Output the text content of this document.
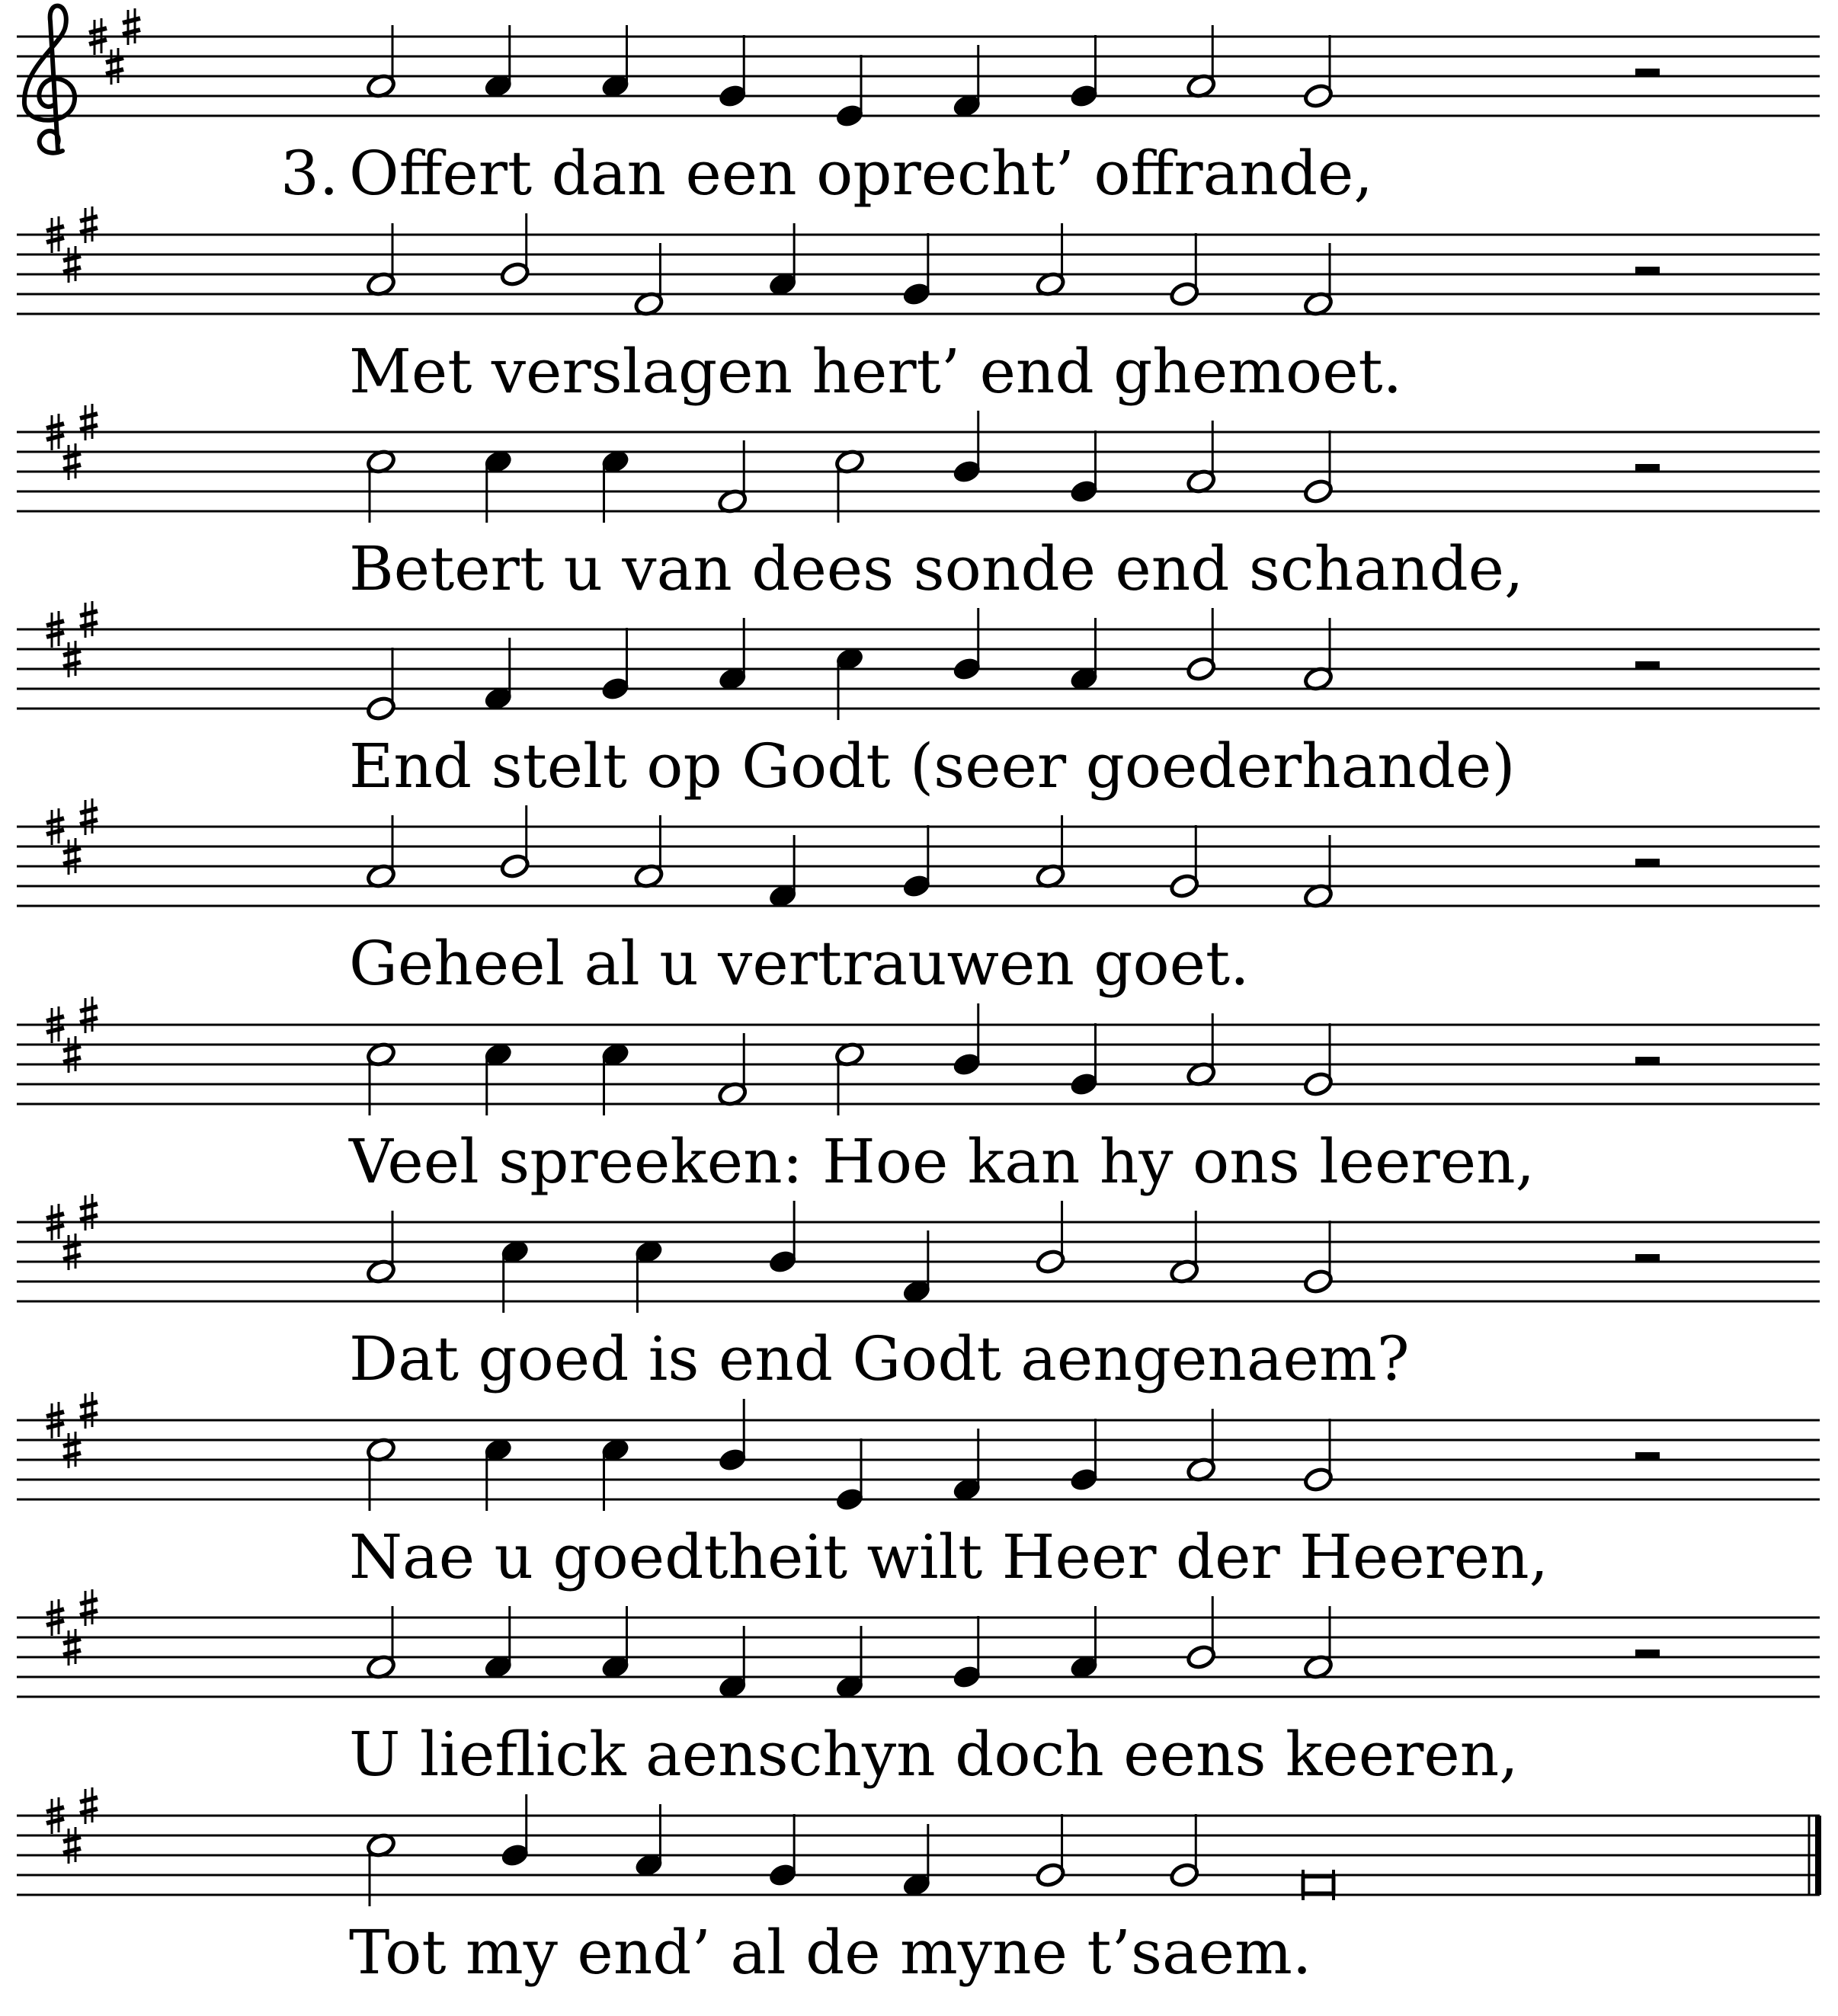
Offert dan een oprecht’ offrande,
3.
Met verslagen hert’ end ghemoet.
Betert u van dees sonde end schande,
End stelt op Godt (seer goederhande)
Geheel al u vertrauwen goet.
Veel spreeken: Hoe kan hy ons leeren,
Dat goed is end Godt aengenaem?
Nae u goedtheit wilt Heer der Heeren,
U lieflick aenschyn doch eens keeren,
Tot my end’ al de myne t’saem.
